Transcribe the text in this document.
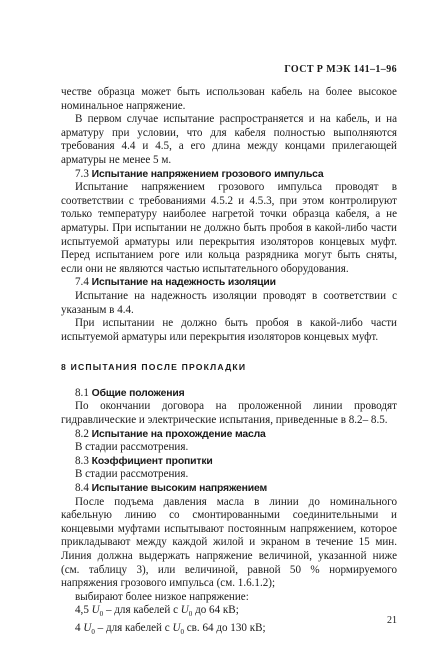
ГОСТ Р МЭК 141–1–96

честве образца может быть использован кабель на более высокое номинальное напряжение.

В первом случае испытание распространяется и на кабель, и на арматуру при условии, что для кабеля полностью выполняются требования 4.4 и 4.5, а его длина между концами прилегающей арматуры не менее 5 м.

7.3 Испытание напряжением грозового импульса

Испытание напряжением грозового импульса проводят в соответствии с требованиями 4.5.2 и 4.5.3, при этом контролируют только температуру наиболее нагретой точки образца кабеля, а не арматуры. При испытании не должно быть пробоя в какой-либо части испытуемой арматуры или перекрытия изоляторов концевых муфт. Перед испытанием роге или кольца разрядника могут быть сняты, если они не являются частью испытательного оборудования.

7.4 Испытание на надежность изоляции

Испытание на надежность изоляции проводят в соответствии с указаным в 4.4.

При испытании не должно быть пробоя в какой-либо части испытуемой арматуры или перекрытия изоляторов концевых муфт.

8 ИСПЫТАНИЯ ПОСЛЕ ПРОКЛАДКИ

8.1 Общие положения

По окончании договора на проложенной линии проводят гидравлические и электрические испытания, приведенные в 8.2– 8.5.

8.2 Испытание на прохождение масла

В стадии рассмотрения.

8.3 Коэффициент пропитки

В стадии рассмотрения.

8.4 Испытание высоким напряжением

После подъема давления масла в линии до номинального кабельную линию со смонтированными соединительными и концевыми муфтами испытывают постоянным напряжением, которое прикладывают между каждой жилой и экраном в течение 15 мин. Линия должна выдержать напряжение величиной, указанной ниже (см. таблицу 3), или величиной, равной 50 % нормируемого напряжения грозового импульса (см. 1.6.1.2);

выбирают более низкое напряжение:

4,5 $U_0$ – для кабелей с $U_0$ до 64 кВ;

4 $U_0$ – для кабелей с $U_0$ св. 64 до 130 кВ;

21
